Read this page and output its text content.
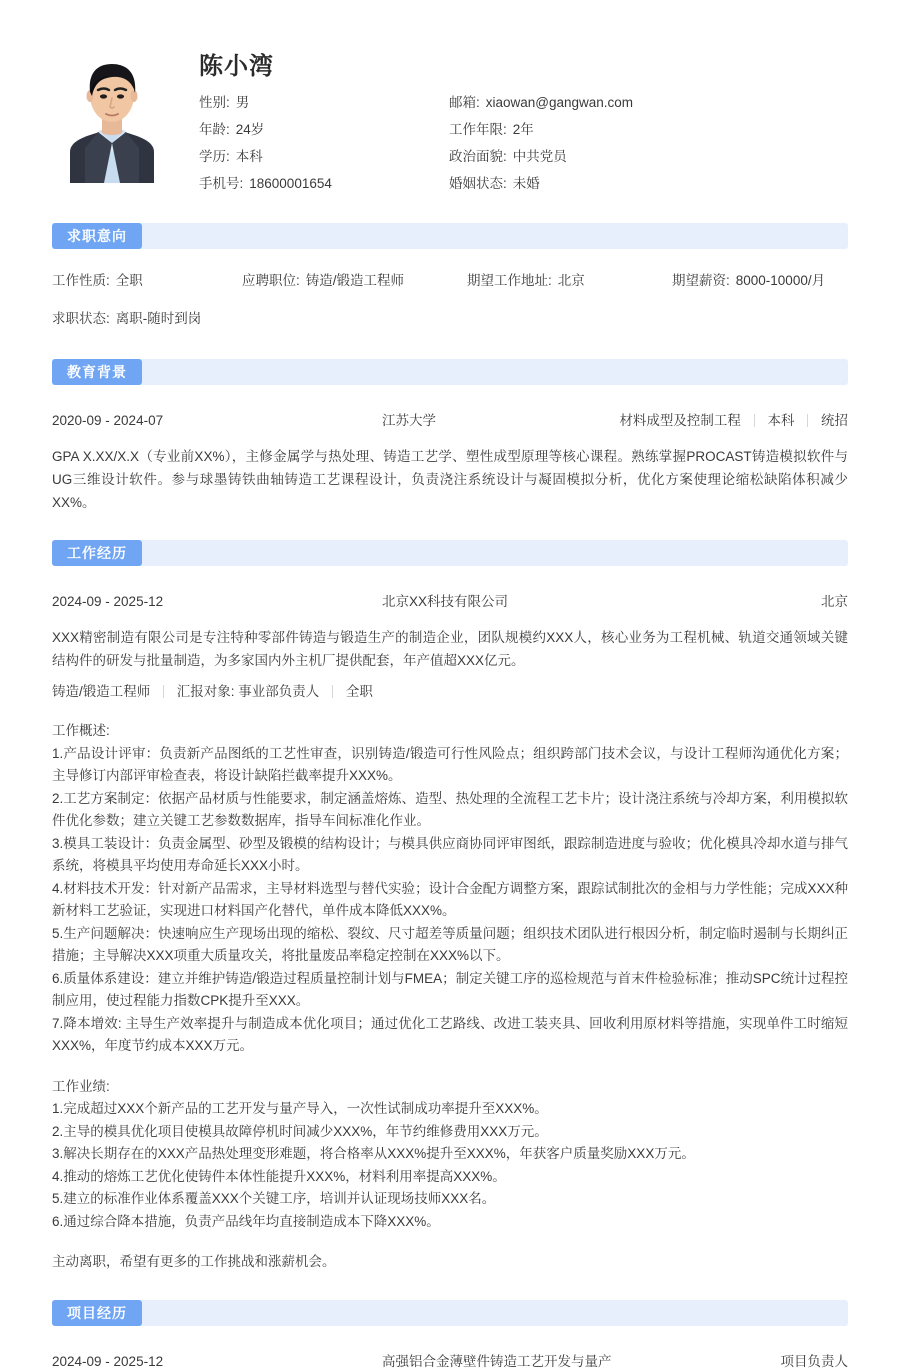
陈小湾
性别: 男	邮箱: xiaowan@gangwan.com
年龄: 24岁	工作年限: 2年
学历: 本科	政治面貌: 中共党员
手机号: 18600001654	婚姻状态: 未婚
求职意向
工作性质: 全职	应聘职位: 铸造/锻造工程师	期望工作地址: 北京	期望薪资: 8000-10000/月
求职状态: 离职-随时到岗
教育背景
2020-09 - 2024-07	江苏大学	材料成型及控制工程 本科 统招
GPA X.XX/X.X（专业前XX%），主修金属学与热处理、铸造工艺学、塑性成型原理等核心课程。熟练掌握PROCAST铸造模拟软件与UG三维设计软件。参与球墨铸铁曲轴铸造工艺课程设计，负责浇注系统设计与凝固模拟分析，优化方案使理论缩松缺陷体积减少XX%。
工作经历
2024-09 - 2025-12	北京XX科技有限公司	北京
XXX精密制造有限公司是专注特种零部件铸造与锻造生产的制造企业，团队规模约XXX人，核心业务为工程机械、轨道交通领域关键结构件的研发与批量制造，为多家国内外主机厂提供配套，年产值超XXX亿元。
铸造/锻造工程师 汇报对象: 事业部负责人 全职
工作概述:
1.产品设计评审：负责新产品图纸的工艺性审查，识别铸造/锻造可行性风险点；组织跨部门技术会议，与设计工程师沟通优化方案；主导修订内部评审检查表，将设计缺陷拦截率提升XXX%。
2.工艺方案制定：依据产品材质与性能要求，制定涵盖熔炼、造型、热处理的全流程工艺卡片；设计浇注系统与冷却方案，利用模拟软件优化参数；建立关键工艺参数数据库，指导车间标准化作业。
3.模具工装设计：负责金属型、砂型及锻模的结构设计；与模具供应商协同评审图纸，跟踪制造进度与验收；优化模具冷却水道与排气系统，将模具平均使用寿命延长XXX小时。
4.材料技术开发：针对新产品需求，主导材料选型与替代实验；设计合金配方调整方案，跟踪试制批次的金相与力学性能；完成XXX种新材料工艺验证，实现进口材料国产化替代，单件成本降低XXX%。
5.生产问题解决：快速响应生产现场出现的缩松、裂纹、尺寸超差等质量问题；组织技术团队进行根因分析，制定临时遏制与长期纠正措施；主导解决XXX项重大质量攻关，将批量废品率稳定控制在XXX%以下。
6.质量体系建设：建立并维护铸造/锻造过程质量控制计划与FMEA；制定关键工序的巡检规范与首末件检验标准；推动SPC统计过程控制应用，使过程能力指数CPK提升至XXX。
7.降本增效: 主导生产效率提升与制造成本优化项目；通过优化工艺路线、改进工装夹具、回收利用原材料等措施，实现单件工时缩短XXX%，年度节约成本XXX万元。
工作业绩:
1.完成超过XXX个新产品的工艺开发与量产导入，一次性试制成功率提升至XXX%。
2.主导的模具优化项目使模具故障停机时间减少XXX%，年节约维修费用XXX万元。
3.解决长期存在的XXX产品热处理变形难题，将合格率从XXX%提升至XXX%，年获客户质量奖励XXX万元。
4.推动的熔炼工艺优化使铸件本体性能提升XXX%，材料利用率提高XXX%。
5.建立的标准作业体系覆盖XXX个关键工序，培训并认证现场技师XXX名。
6.通过综合降本措施，负责产品线年均直接制造成本下降XXX%。
主动离职，希望有更多的工作挑战和涨薪机会。
项目经历
2024-09 - 2025-12	高强铝合金薄壁件铸造工艺开发与量产	项目负责人
